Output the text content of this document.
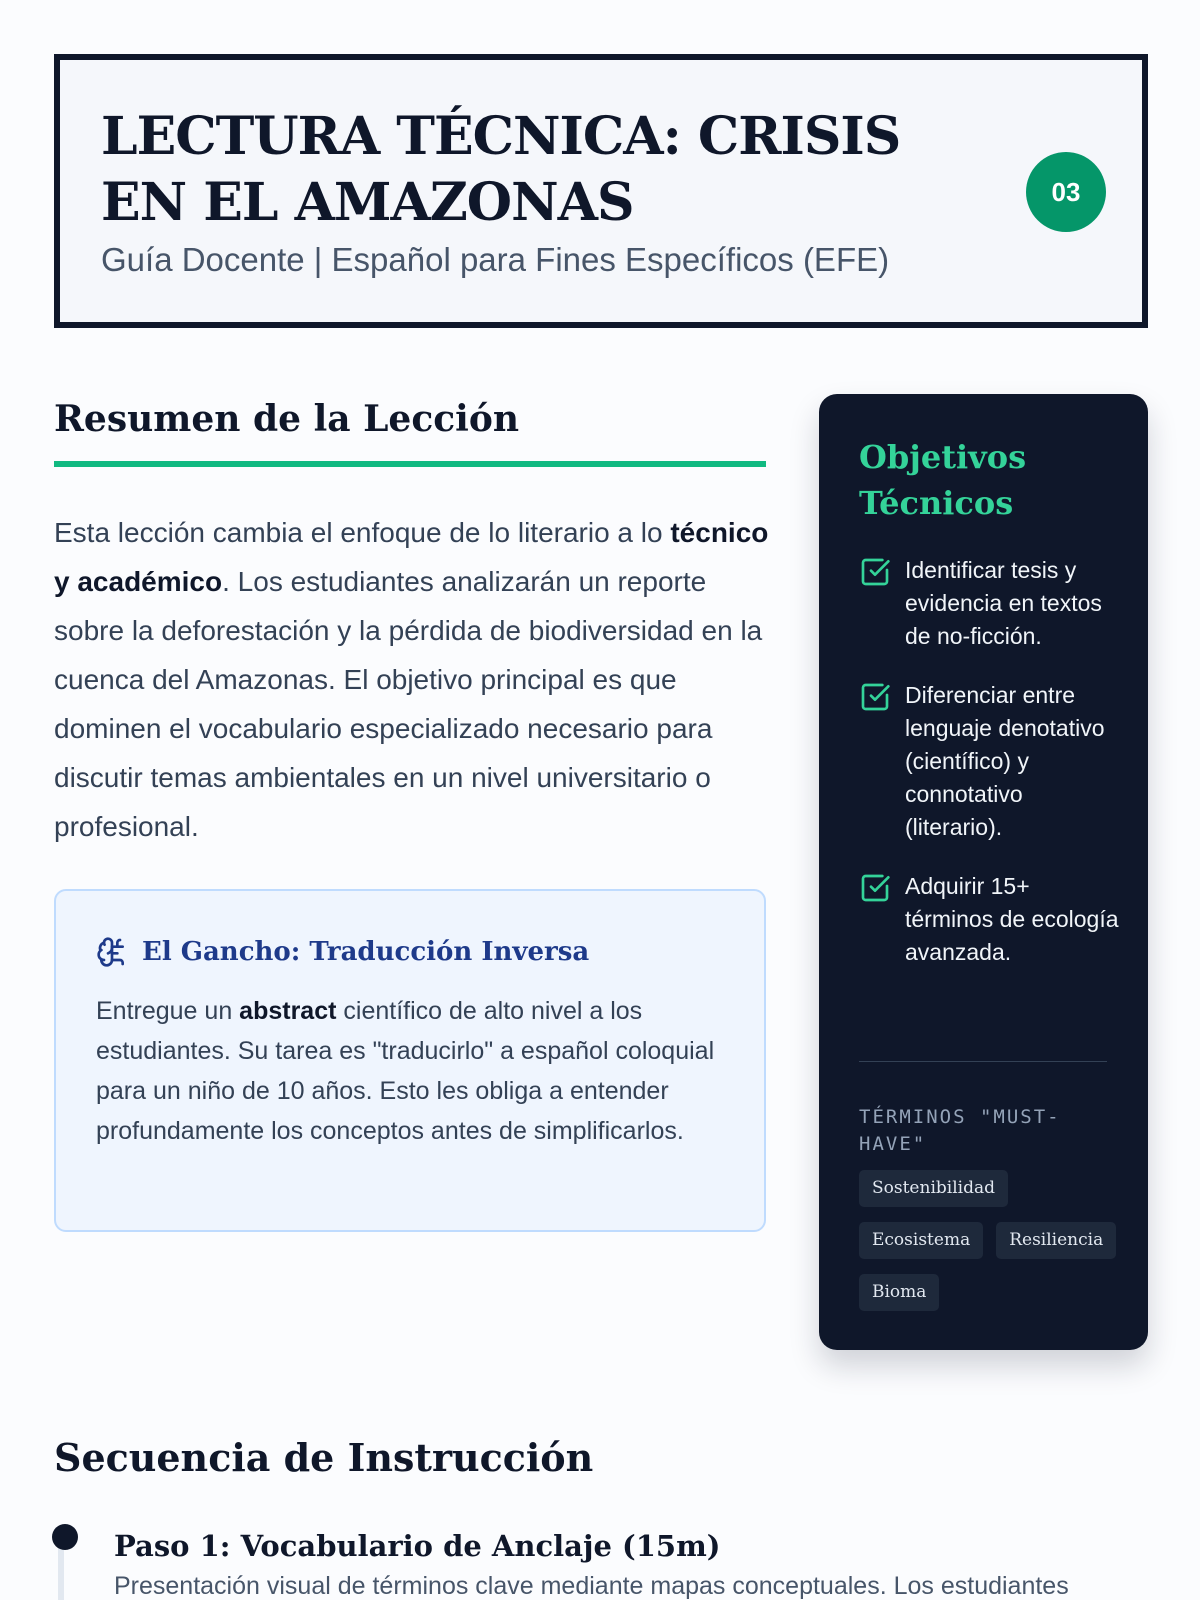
LECTURA TÉCNICA: CRISIS EN EL AMAZONAS
Guía Docente | Español para Fines Específicos (EFE)
03
Resumen de la Lección

Esta lección cambia el enfoque de lo literario a lo técnico y académico. Los estudiantes analizarán un reporte sobre la deforestación y la pérdida de biodiversidad en la cuenca del Amazonas. El objetivo principal es que dominen el vocabulario especializado necesario para discutir temas ambientales en un nivel universitario o profesional.

El Gancho: Traducción Inversa

Entregue un abstract científico de alto nivel a los estudiantes. Su tarea es "traducirlo" a español coloquial para un niño de 10 años. Esto les obliga a entender profundamente los conceptos antes de simplificarlos.

Objetivos Técnicos
Identificar tesis y evidencia en textos de no-ficción.
Diferenciar entre lenguaje denotativo (científico) y connotativo (literario).
Adquirir 15+ términos de ecología avanzada.
TÉRMINOS "MUST-HAVE"
Sostenibilidad
Ecosistema	Resiliencia
Bioma
Secuencia de Instrucción
Paso 1: Vocabulario de Anclaje (15m)

Presentación visual de términos clave mediante mapas conceptuales. Los estudiantes
